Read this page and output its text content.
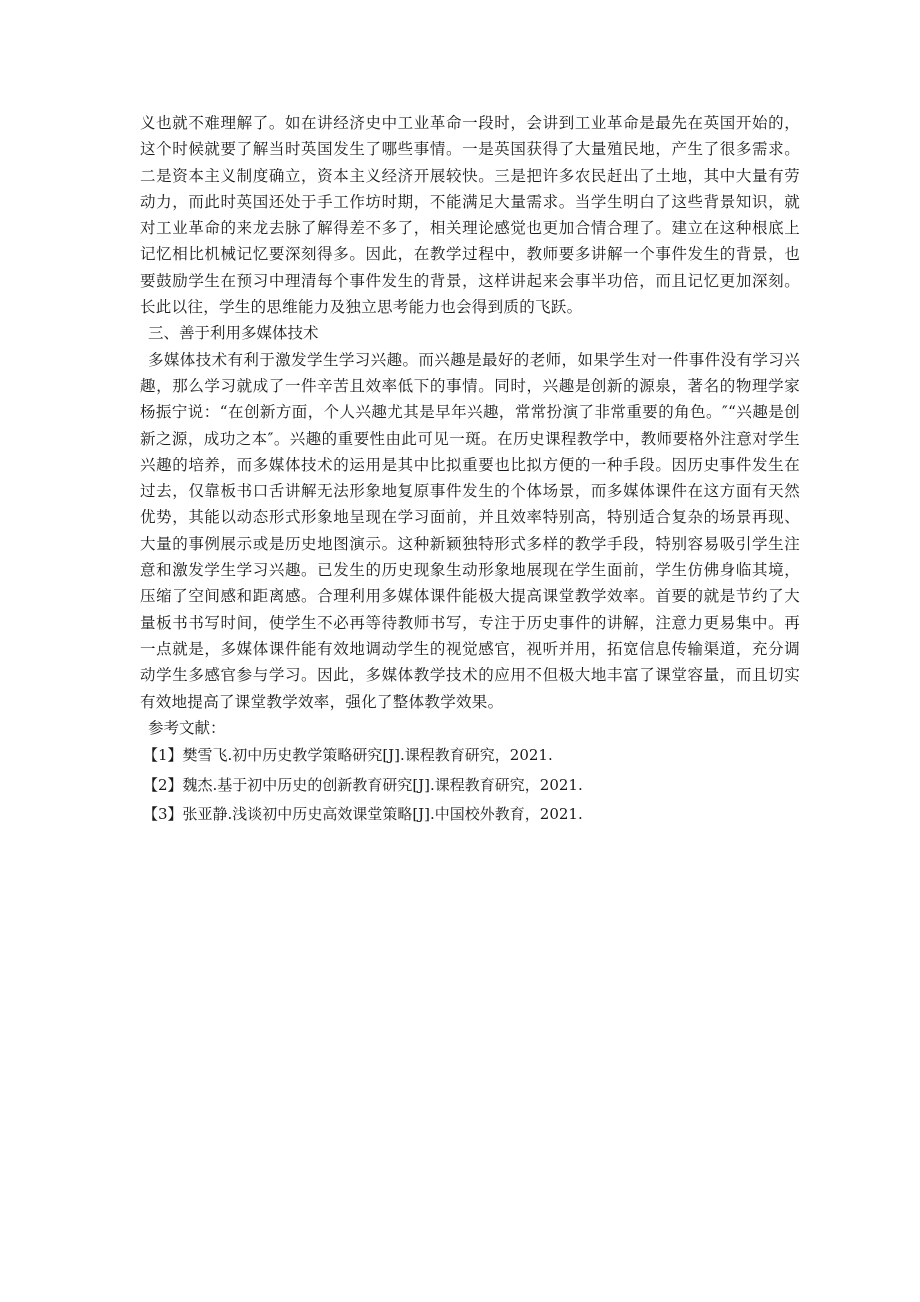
义也就不难理解了。如在讲经济史中工业革命一段时，会讲到工业革命是最先在英国开始的，这个时候就要了解当时英国发生了哪些事情。一是英国获得了大量殖民地，产生了很多需求。二是资本主义制度确立，资本主义经济开展较快。三是把许多农民赶出了土地，其中大量有劳动力，而此时英国还处于手工作坊时期，不能满足大量需求。当学生明白了这些背景知识，就对工业革命的来龙去脉了解得差不多了，相关理论感觉也更加合情合理了。建立在这种根底上记忆相比机械记忆要深刻得多。因此，在教学过程中，教师要多讲解一个事件发生的背景，也要鼓励学生在预习中理清每个事件发生的背景，这样讲起来会事半功倍，而且记忆更加深刻。长此以往，学生的思维能力及独立思考能力也会得到质的飞跃。

三、善于利用多媒体技术

多媒体技术有利于激发学生学习兴趣。而兴趣是最好的老师，如果学生对一件事件没有学习兴趣，那么学习就成了一件辛苦且效率低下的事情。同时，兴趣是创新的源泉，著名的物理学家杨振宁说：“在创新方面，个人兴趣尤其是早年兴趣，常常扮演了非常重要的角色。″“兴趣是创新之源，成功之本″。兴趣的重要性由此可见一斑。在历史课程教学中，教师要格外注意对学生兴趣的培养，而多媒体技术的运用是其中比拟重要也比拟方便的一种手段。因历史事件发生在过去，仅靠板书口舌讲解无法形象地复原事件发生的个体场景，而多媒体课件在这方面有天然优势，其能以动态形式形象地呈现在学习面前，并且效率特别高，特别适合复杂的场景再现、大量的事例展示或是历史地图演示。这种新颖独特形式多样的教学手段，特别容易吸引学生注意和激发学生学习兴趣。已发生的历史现象生动形象地展现在学生面前，学生仿佛身临其境，压缩了空间感和距离感。合理利用多媒体课件能极大提高课堂教学效率。首要的就是节约了大量板书书写时间，使学生不必再等待教师书写，专注于历史事件的讲解，注意力更易集中。再一点就是，多媒体课件能有效地调动学生的视觉感官，视听并用，拓宽信息传输渠道，充分调动学生多感官参与学习。因此，多媒体教学技术的应用不但极大地丰富了课堂容量，而且切实有效地提高了课堂教学效率，强化了整体教学效果。

参考文献：

【1】樊雪飞.初中历史教学策略研究[J].课程教育研究，2021.

【2】魏杰.基于初中历史的创新教育研究[J].课程教育研究，2021.

【3】张亚静.浅谈初中历史高效课堂策略[J].中国校外教育，2021.
